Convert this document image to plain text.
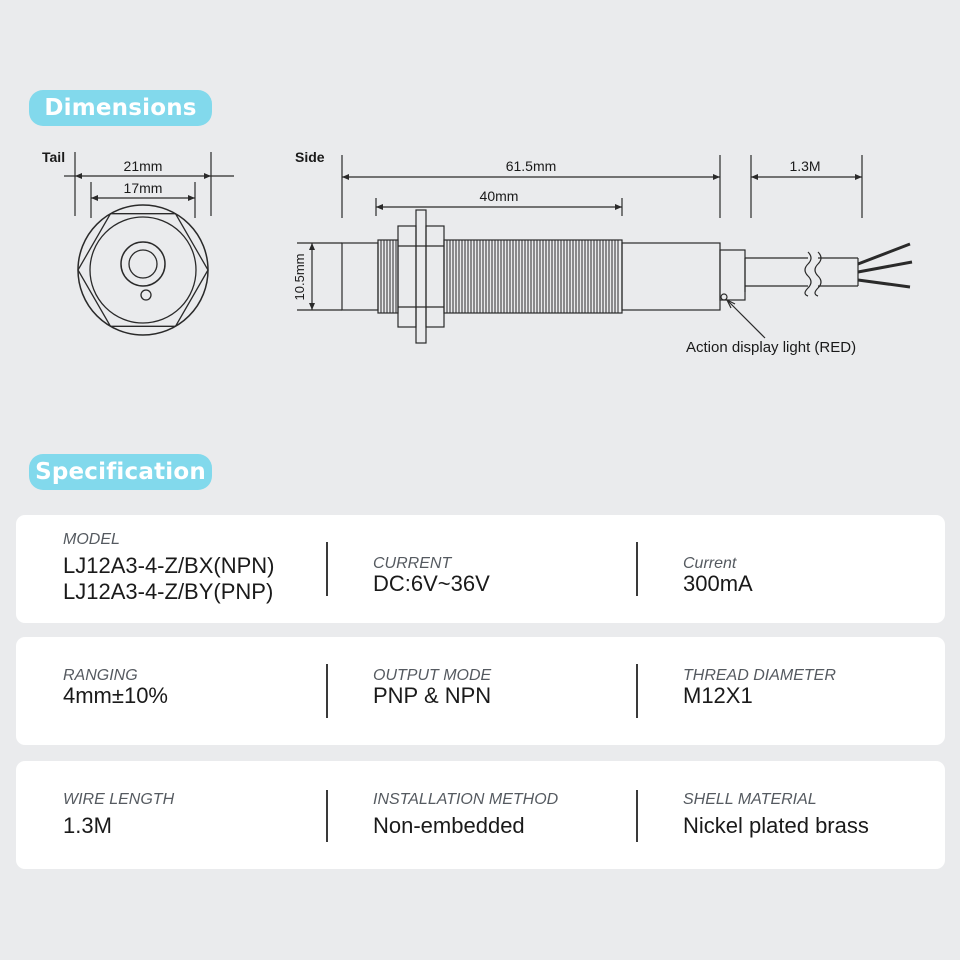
Dimensions
Tail
21mm
17mm
Side
61.5mm
40mm
1.3M
10.5mm
Action display light (RED)
Specification
MODEL
LJ12A3-4-Z/BX(NPN)
LJ12A3-4-Z/BY(PNP)
CURRENT
DC:6V~36V
Current
300mA
RANGING
4mm±10%
OUTPUT MODE
PNP & NPN
THREAD DIAMETER
M12X1
WIRE LENGTH
1.3M
INSTALLATION METHOD
Non-embedded
SHELL MATERIAL
Nickel plated brass
